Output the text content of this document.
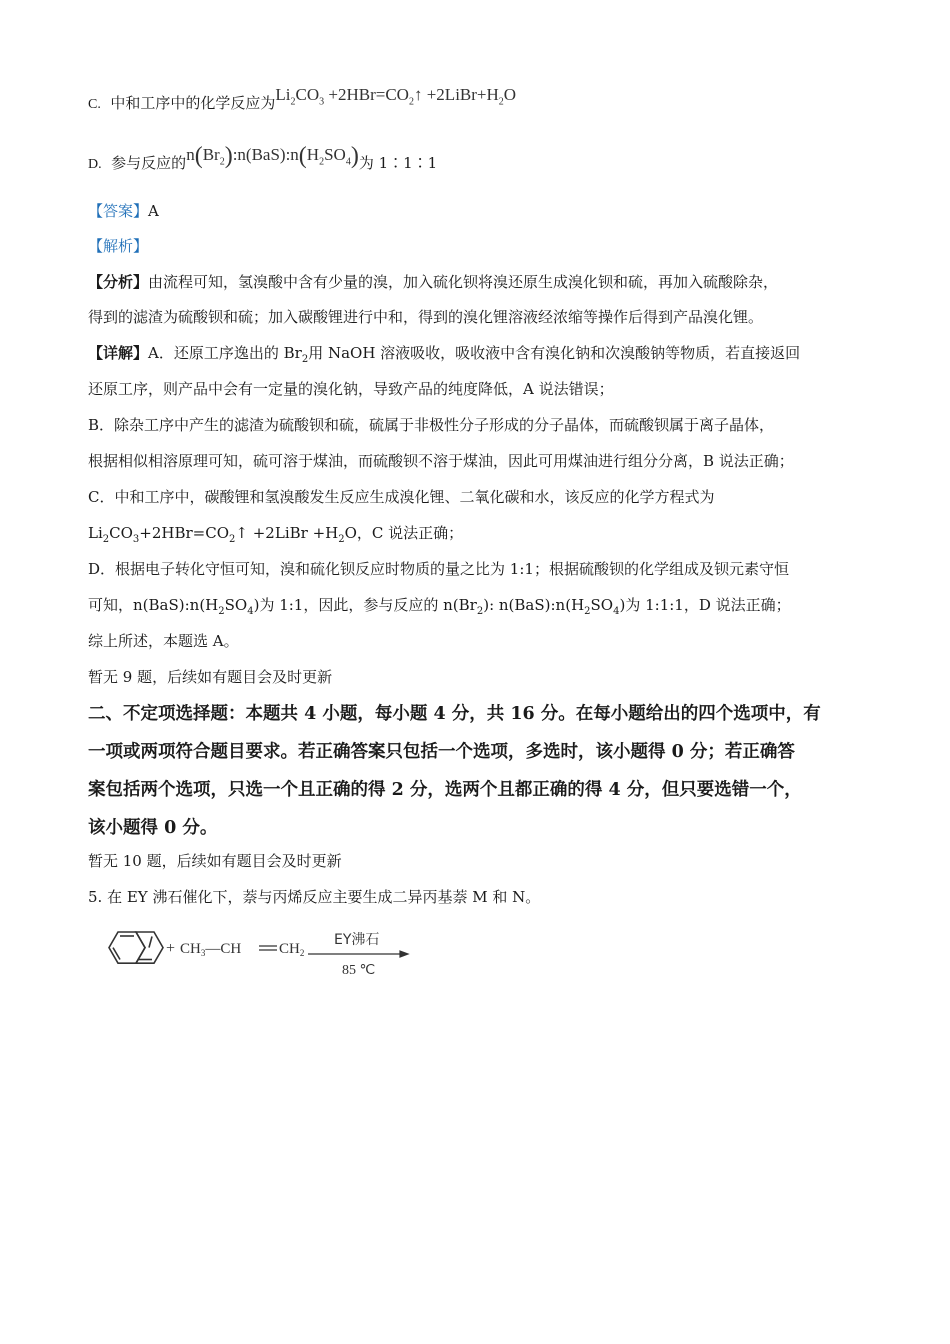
C. 中和工序中的化学反应为$Li_2CO_3$ $+2HBr=CO_2↑$ $+2LiBr+H_2O$
D. 参与反应的$n(Br_2):n(BaS):n(H_2SO_4)$为 1∶1∶1
【答案】A
【解析】
【分析】由流程可知，氢溴酸中含有少量的溴，加入硫化钡将溴还原生成溴化钡和硫，再加入硫酸除杂，
得到的滤渣为硫酸钡和硫；加入碳酸锂进行中和，得到的溴化锂溶液经浓缩等操作后得到产品溴化锂。
【详解】A．还原工序逸出的 $Br_2$用 NaOH 溶液吸收，吸收液中含有溴化钠和次溴酸钠等物质，若直接返回
还原工序，则产品中会有一定量的溴化钠，导致产品的纯度降低，A 说法错误；
B．除杂工序中产生的滤渣为硫酸钡和硫，硫属于非极性分子形成的分子晶体，而硫酸钡属于离子晶体，
根据相似相溶原理可知，硫可溶于煤油，而硫酸钡不溶于煤油，因此可用煤油进行组分分离，B 说法正确；
C．中和工序中，碳酸锂和氢溴酸发生反应生成溴化锂、二氧化碳和水，该反应的化学方程式为
$Li_2CO_3+2HBr=CO_2↑$ +2LiBr $+H_2O$，C 说法正确；
D．根据电子转化守恒可知，溴和硫化钡反应时物质的量之比为 1:1；根据硫酸钡的化学组成及钡元素守恒
可知，$n(BaS):n(H_2SO_4)$为 1:1，因此，参与反应的 $n(Br_2)$: $n(BaS):n(H_2SO_4)$为 1:1:1，D 说法正确；
综上所述，本题选 A。
暂无 9 题，后续如有题目会及时更新
二、不定项选择题：本题共 4 小题，每小题 4 分，共 16 分。在每小题给出的四个选项中，有
一项或两项符合题目要求。若正确答案只包括一个选项，多选时，该小题得 0 分；若正确答
案包括两个选项，只选一个且正确的得 2 分，选两个且都正确的得 4 分，但只要选错一个，
该小题得 0 分。
暂无 10 题，后续如有题目会及时更新
5. 在 EY 沸石催化下，萘与丙烯反应主要生成二异丙基萘 M 和 N。
+ $CH_3—CH$	$CH_2$
EY沸石
85 ℃
